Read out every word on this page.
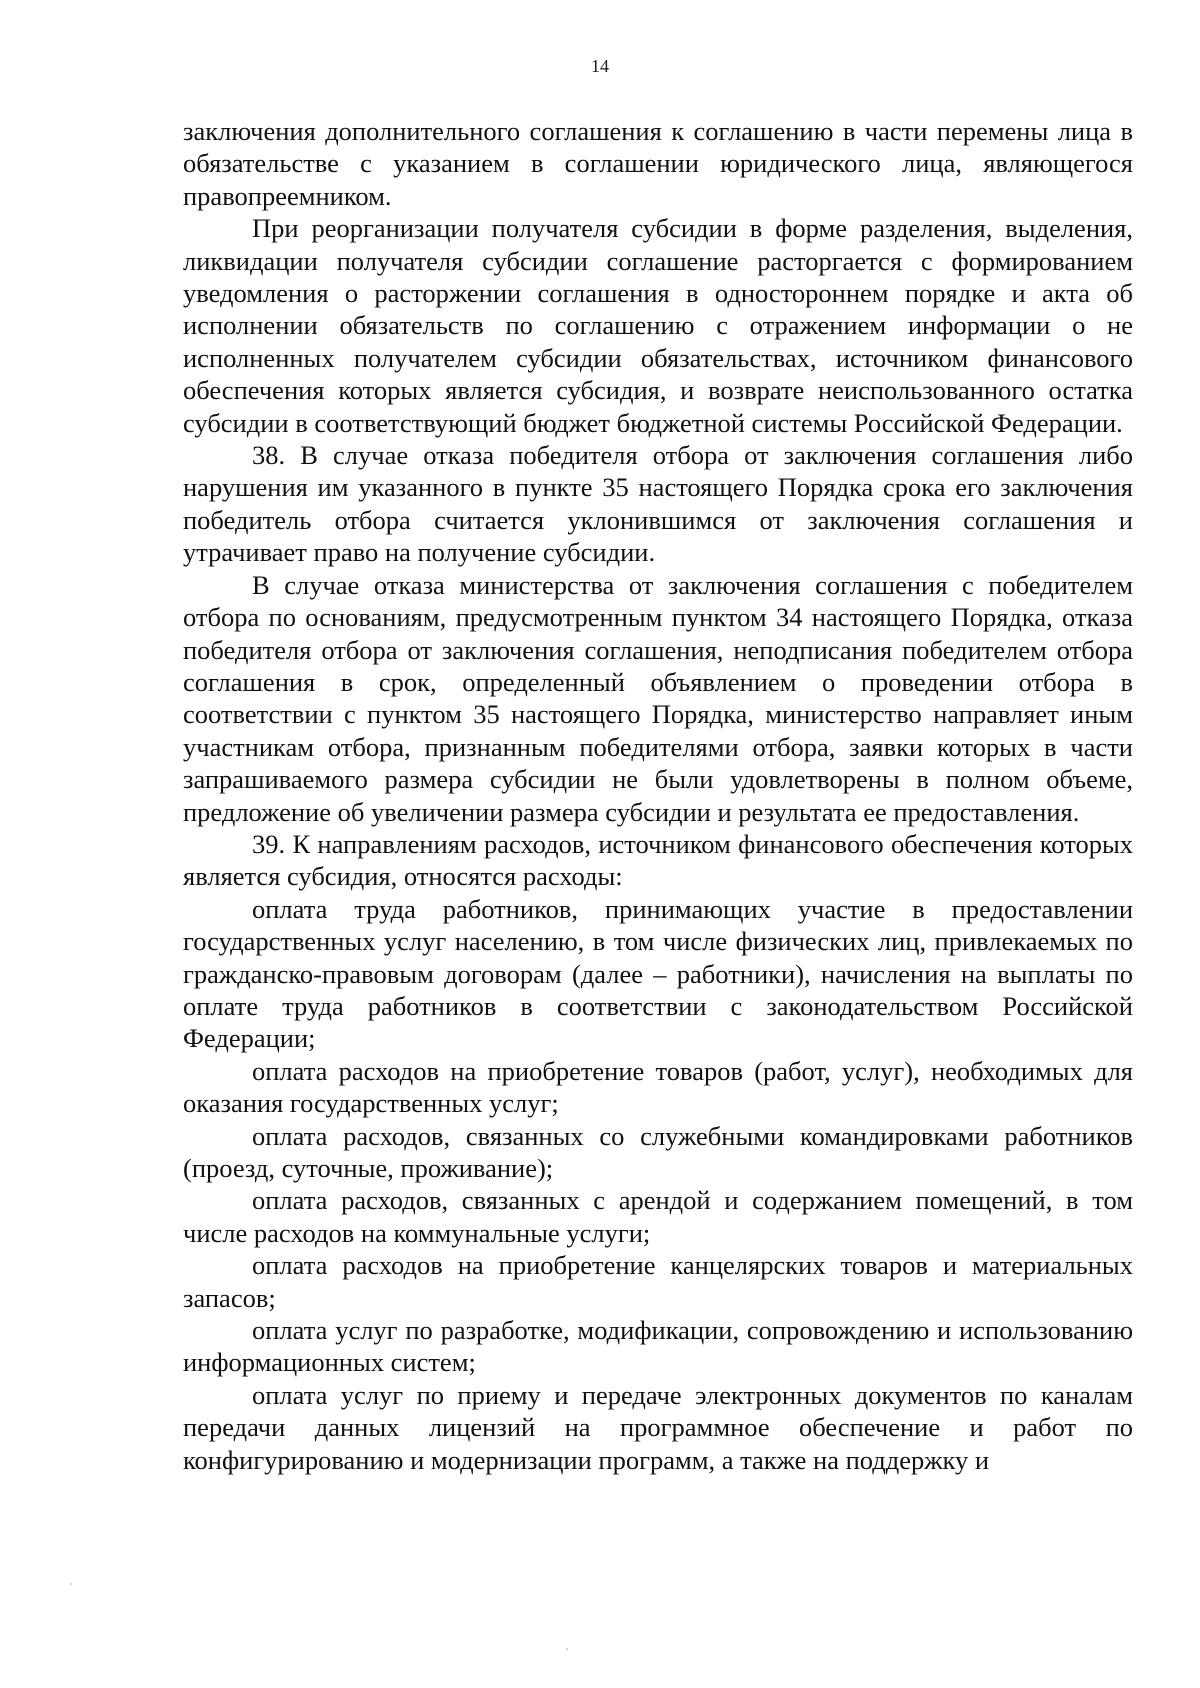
14

заключения дополнительного соглашения к соглашению в части перемены лица в обязательстве с указанием в соглашении юридического лица, являющегося правопреемником.

При реорганизации получателя субсидии в форме разделения, выделения, ликвидации получателя субсидии соглашение расторгается с формированием уведомления о расторжении соглашения в одностороннем порядке и акта об исполнении обязательств по соглашению с отражением информации о не исполненных получателем субсидии обязательствах, источником финансового обеспечения которых является субсидия, и возврате неиспользованного остатка субсидии в соответствующий бюджет бюджетной системы Российской Федерации.

38. В случае отказа победителя отбора от заключения соглашения либо нарушения им указанного в пункте 35 настоящего Порядка срока его заключения победитель отбора считается уклонившимся от заключения соглашения и утрачивает право на получение субсидии.

В случае отказа министерства от заключения соглашения с победителем отбора по основаниям, предусмотренным пунктом 34 настоящего Порядка, отказа победителя отбора от заключения соглашения, неподписания победителем отбора соглашения в срок, определенный объявлением о проведении отбора в соответствии с пунктом 35 настоящего Порядка, министерство направляет иным участникам отбора, признанным победителями отбора, заявки которых в части запрашиваемого размера субсидии не были удовлетворены в полном объеме, предложение об увеличении размера субсидии и результата ее предоставления.

39. К направлениям расходов, источником финансового обеспечения которых является субсидия, относятся расходы:

оплата труда работников, принимающих участие в предоставлении государственных услуг населению, в том числе физических лиц, привлекаемых по гражданско-правовым договорам (далее – работники), начисления на выплаты по оплате труда работников в соответствии с законодательством Российской Федерации;

оплата расходов на приобретение товаров (работ, услуг), необходимых для оказания государственных услуг;

оплата расходов, связанных со служебными командировками работников (проезд, суточные, проживание);

оплата расходов, связанных с арендой и содержанием помещений, в том числе расходов на коммунальные услуги;

оплата расходов на приобретение канцелярских товаров и материальных запасов;

оплата услуг по разработке, модификации, сопровождению и использованию информационных систем;

оплата услуг по приему и передаче электронных документов по каналам передачи данных лицензий на программное обеспечение и работ по конфигурированию и модернизации программ, а также на поддержку и
